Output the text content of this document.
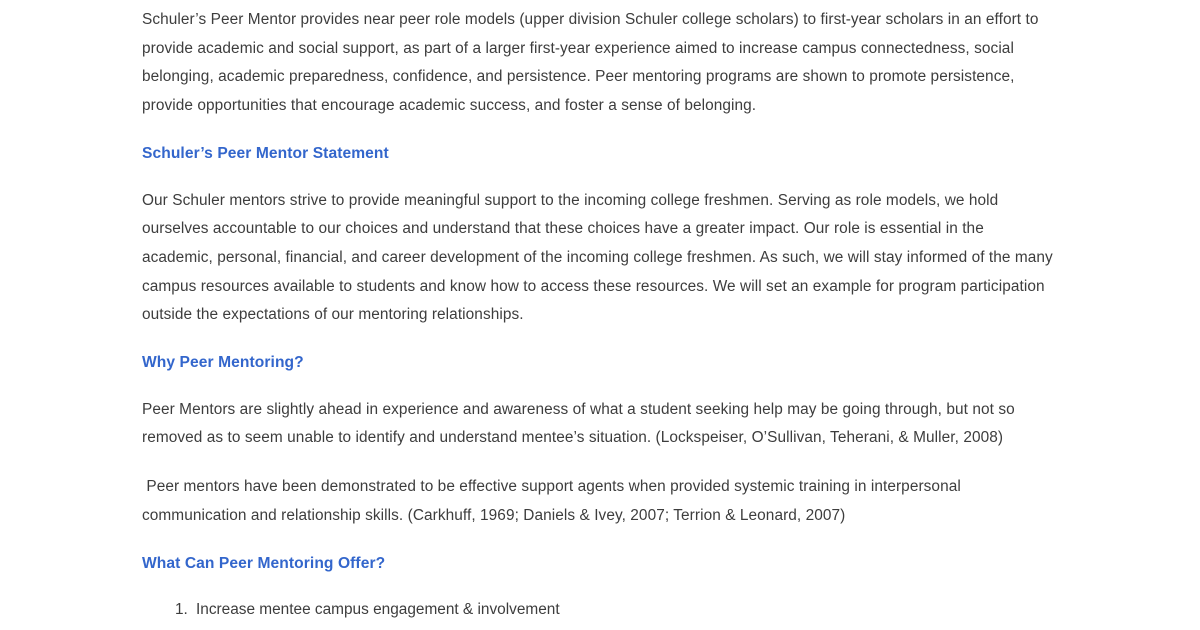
Schuler’s Peer Mentor provides near peer role models (upper division Schuler college scholars) to first-year scholars in an effort to provide academic and social support, as part of a larger first-year experience aimed to increase campus connectedness, social belonging, academic preparedness, confidence, and persistence. Peer mentoring programs are shown to promote persistence, provide opportunities that encourage academic success, and foster a sense of belonging.

Schuler’s Peer Mentor Statement

Our Schuler mentors strive to provide meaningful support to the incoming college freshmen. Serving as role models, we hold ourselves accountable to our choices and understand that these choices have a greater impact. Our role is essential in the academic, personal, financial, and career development of the incoming college freshmen. As such, we will stay informed of the many campus resources available to students and know how to access these resources. We will set an example for program participation outside the expectations of our mentoring relationships.

Why Peer Mentoring?

Peer Mentors are slightly ahead in experience and awareness of what a student seeking help may be going through, but not so removed as to seem unable to identify and understand mentee’s situation. (Lockspeiser, O’Sullivan, Teherani, & Muller, 2008)

Peer mentors have been demonstrated to be effective support agents when provided systemic training in interpersonal communication and relationship skills. (Carkhuff, 1969; Daniels & Ivey, 2007; Terrion & Leonard, 2007)

What Can Peer Mentoring Offer?
1. Increase mentee campus engagement & involvement
